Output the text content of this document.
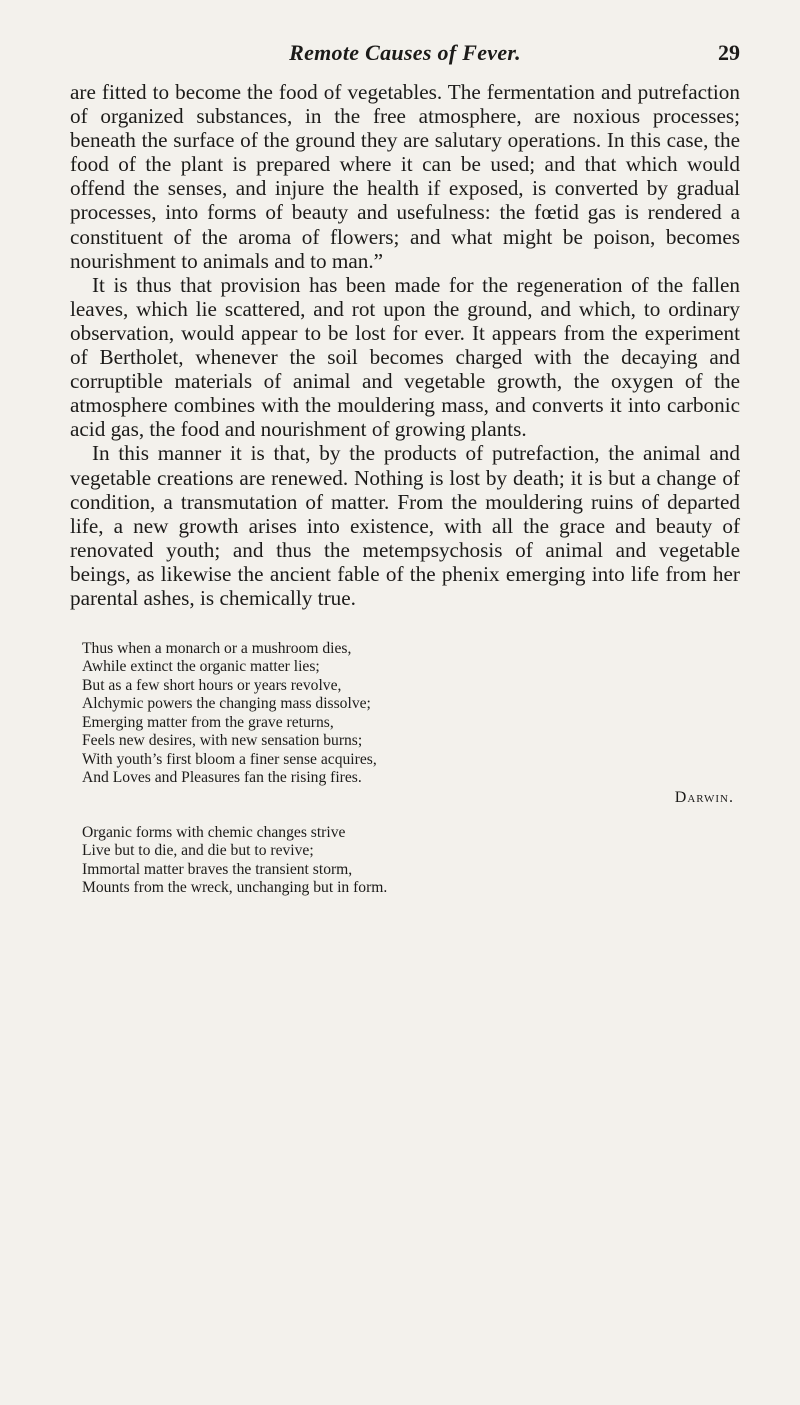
Remote Causes of Fever.	29

are fitted to become the food of vegetables. The fermentation and putrefaction of organized substances, in the free atmosphere, are noxious processes; beneath the surface of the ground they are salutary operations. In this case, the food of the plant is prepared where it can be used; and that which would offend the senses, and injure the health if exposed, is converted by gradual processes, into forms of beauty and usefulness: the fœtid gas is rendered a constituent of the aroma of flowers; and what might be poison, becomes nourishment to animals and to man.”

It is thus that provision has been made for the regeneration of the fallen leaves, which lie scattered, and rot upon the ground, and which, to ordinary observation, would appear to be lost for ever. It appears from the experiment of Bertholet, whenever the soil becomes charged with the decaying and corruptible materials of animal and vegetable growth, the oxygen of the atmosphere combines with the mouldering mass, and converts it into carbonic acid gas, the food and nourishment of growing plants.

In this manner it is that, by the products of putrefaction, the animal and vegetable creations are renewed. Nothing is lost by death; it is but a change of condition, a transmutation of matter. From the mouldering ruins of departed life, a new growth arises into existence, with all the grace and beauty of renovated youth; and thus the metempsychosis of animal and vegetable beings, as likewise the ancient fable of the phenix emerging into life from her parental ashes, is chemically true.

Thus when a monarch or a mushroom dies,
Awhile extinct the organic matter lies;
But as a few short hours or years revolve,
Alchymic powers the changing mass dissolve;
Emerging matter from the grave returns,
Feels new desires, with new sensation burns;
With youth’s first bloom a finer sense acquires,
And Loves and Pleasures fan the rising fires.
Darwin.
Organic forms with chemic changes strive
Live but to die, and die but to revive;
Immortal matter braves the transient storm,
Mounts from the wreck, unchanging but in form.
